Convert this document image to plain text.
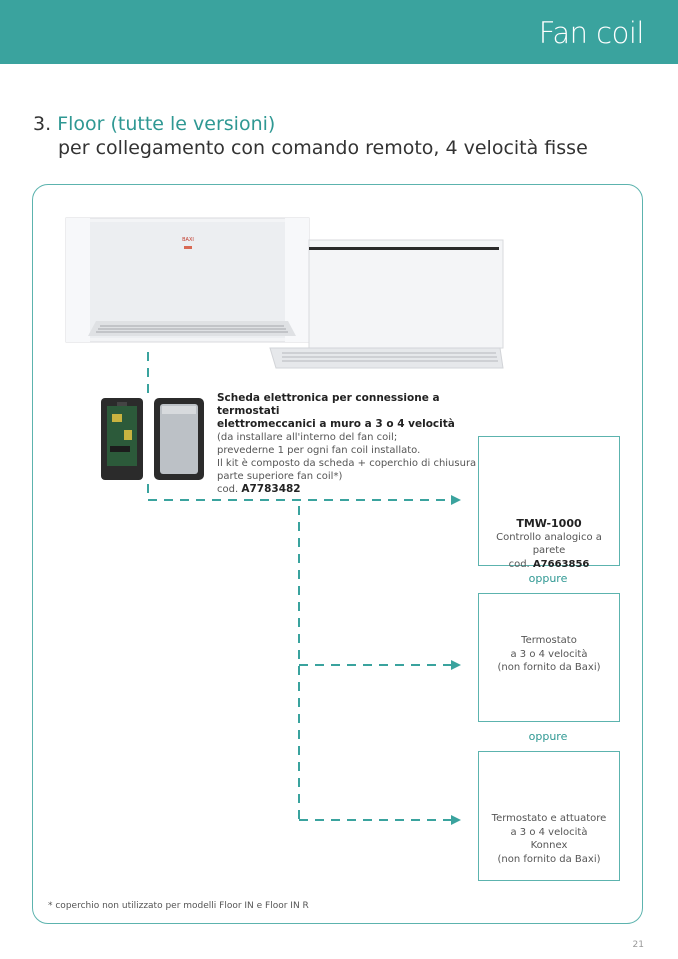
Fan coil
3. Floor (tutte le versioni)
per collegamento con comando remoto, 4 velocità fisse
BAXI
Scheda elettronica per connessione a termostati
elettromeccanici a muro a 3 o 4 velocità
(da installare all'interno del fan coil;
prevederne 1 per ogni fan coil installato.
Il kit è composto da scheda + coperchio di chiusura
parte superiore fan coil*)
cod. A7783482
TMW-1000
Controllo analogico a parete
cod. A7663856
oppure
Termostato
a 3 o 4 velocità
(non fornito da Baxi)
oppure
Termostato e attuatore
a 3 o 4 velocità
Konnex
(non fornito da Baxi)
* coperchio non utilizzato per modelli Floor IN e Floor IN R
21
